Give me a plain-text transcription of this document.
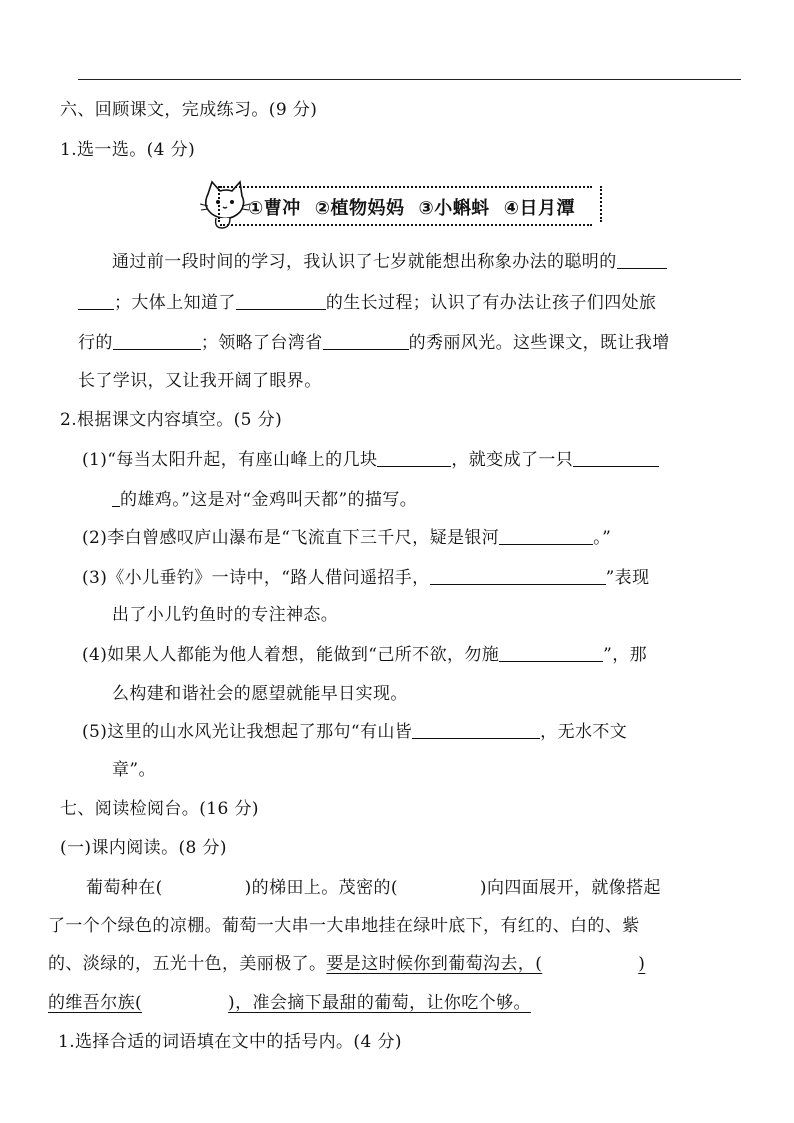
六、回顾课文，完成练习。(9 分)
1.选一选。(4 分)
①曹冲 ②植物妈妈 ③小蝌蚪 ④日月潭
通过前一段时间的学习，我认识了七岁就能想出称象办法的聪明的
；大体上知道了	的生长过程；认识了有办法让孩子们四处旅
行的	；领略了台湾省	的秀丽风光。这些课文，既让我增
长了学识，又让我开阔了眼界。
2.根据课文内容填空。(5 分)
(1)“每当太阳升起，有座山峰上的几块	，就变成了一只
的雄鸡。”这是对“金鸡叫天都”的描写。
(2)李白曾感叹庐山瀑布是“飞流直下三千尺，疑是银河	。”
(3)《小儿垂钓》一诗中，“路人借问遥招手，	”表现
出了小儿钓鱼时的专注神态。
(4)如果人人都能为他人着想，能做到“己所不欲，勿施	”，那
么构建和谐社会的愿望就能早日实现。
(5)这里的山水风光让我想起了那句“有山皆	，无水不文
章”。
七、阅读检阅台。(16 分)
(一)课内阅读。(8 分)
葡萄种在(	)的梯田上。茂密的(	)向四面展开，就像搭起
了一个个绿色的凉棚。葡萄一大串一大串地挂在绿叶底下，有红的、白的、紫
的、淡绿的，五光十色，美丽极了。要是这时候你到葡萄沟去，(	)
的维吾尔族(	)，准会摘下最甜的葡萄，让你吃个够。
1.选择合适的词语填在文中的括号内。(4 分)
